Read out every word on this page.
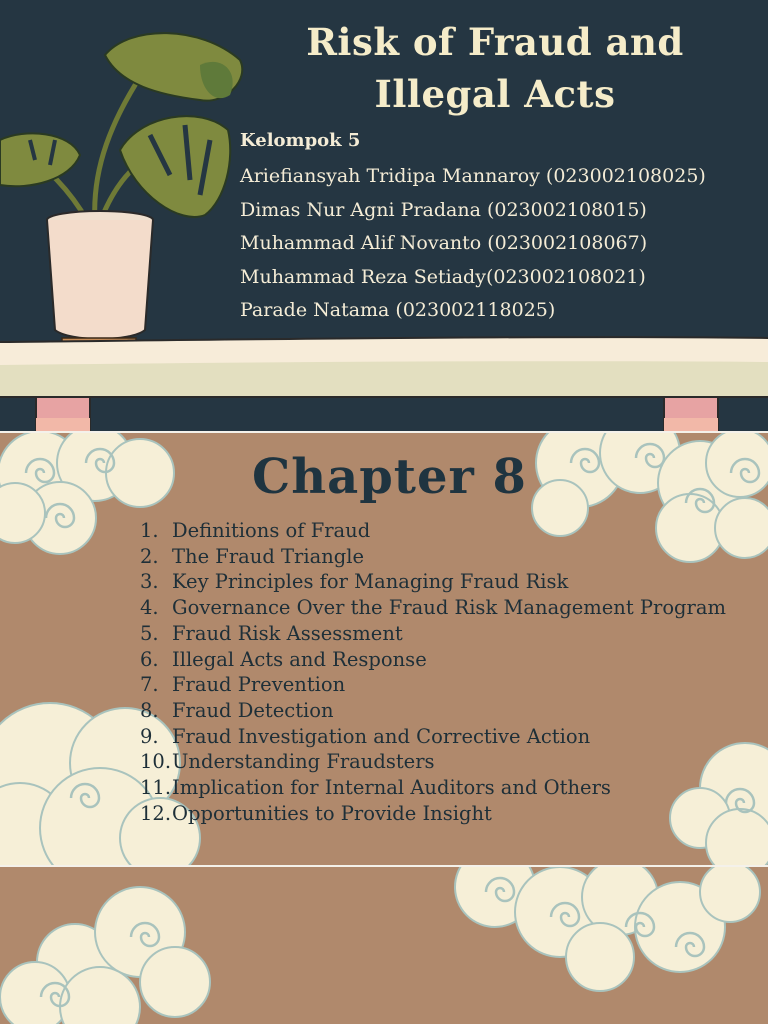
Risk of Fraud and
Illegal Acts
Kelompok 5
Ariefiansyah Tridipa Mannaroy (023002108025)
Dimas Nur Agni Pradana (023002108015)
Muhammad Alif Novanto (023002108067)
Muhammad Reza Setiady(023002108021)
Parade Natama (023002118025)
Chapter 8
1. Definitions of Fraud
2. The Fraud Triangle
3. Key Principles for Managing Fraud Risk
4. Governance Over the Fraud Risk Management Program
5. Fraud Risk Assessment
6. Illegal Acts and Response
7. Fraud Prevention
8. Fraud Detection
9. Fraud Investigation and Corrective Action
10. Understanding Fraudsters
11. Implication for Internal Auditors and Others
12. Opportunities to Provide Insight
